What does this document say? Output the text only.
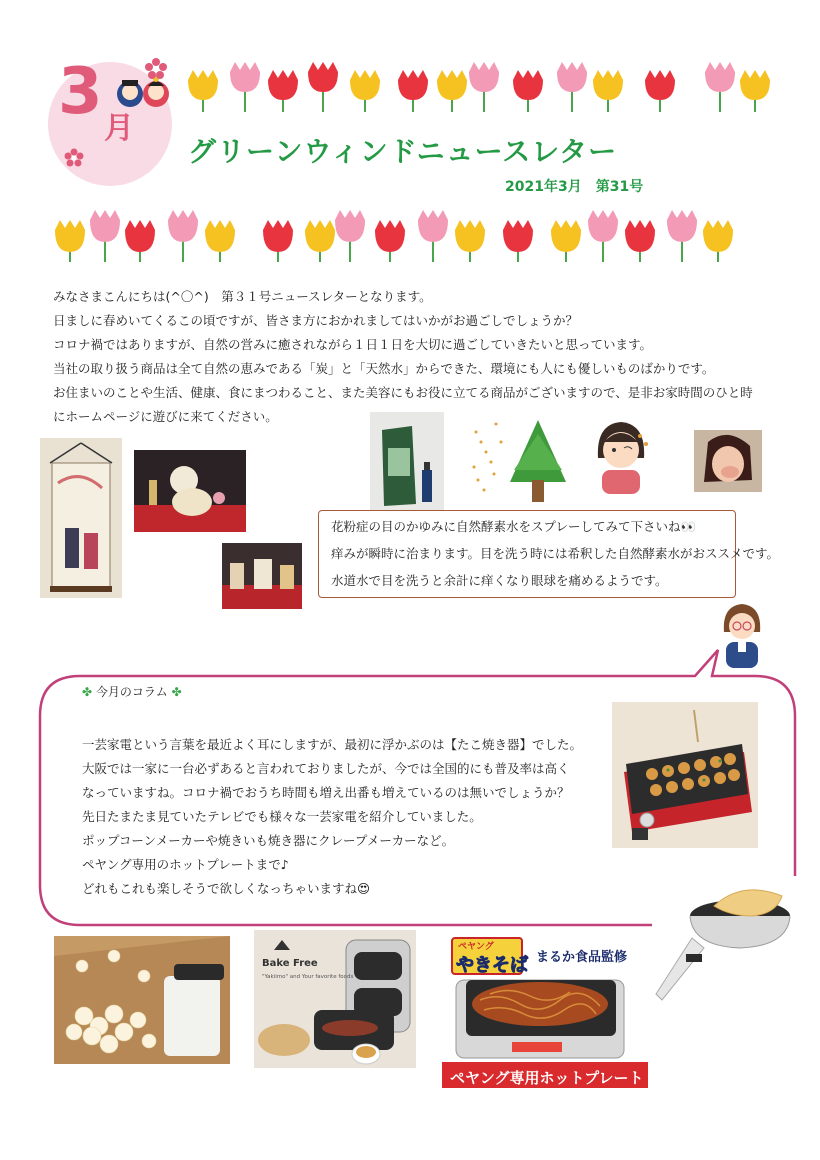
3 月
グリーンウィンドニュースレター
2021年3月　第31号
みなさまこんにちは(^〇^)　第３１号ニュースレターとなります。
日ましに春めいてくるこの頃ですが、皆さま方におかれましてはいかがお過ごしでしょうか？
コロナ禍ではありますが、自然の営みに癒されながら１日１日を大切に過ごしていきたいと思っています。
当社の取り扱う商品は全て自然の恵みである「炭」と「天然水」からできた、環境にも人にも優しいものばかりです。
お住まいのことや生活、健康、食にまつわること、また美容にもお役に立てる商品がございますので、是非お家時間のひと時
にホームページに遊びに来てください。
花粉症の目のかゆみに自然酵素水をスプレーしてみて下さいね👀
痒みが瞬時に治まります。目を洗う時には希釈した自然酵素水がおススメです。
水道水で目を洗うと余計に痒くなり眼球を痛めるようです。
✤ 今月のコラム ✤
一芸家電という言葉を最近よく耳にしますが、最初に浮かぶのは【たこ焼き器】でした。
大阪では一家に一台必ずあると言われておりましたが、今では全国的にも普及率は高く
なっていますね。コロナ禍でおうち時間も増え出番も増えているのは無いでしょうか？
先日たまたま見ていたテレビでも様々な一芸家電を紹介していました。
ポップコーンメーカーや焼きいも焼き器にクレープメーカーなど。
ペヤング専用のホットプレートまで♪
どれもこれも楽しそうで欲しくなっちゃいますね😍
Bake Free
"Yakiimo" and Your favorite foods
ペヤング
やきそば まるか食品監修
ペヤング専用ホットプレート
